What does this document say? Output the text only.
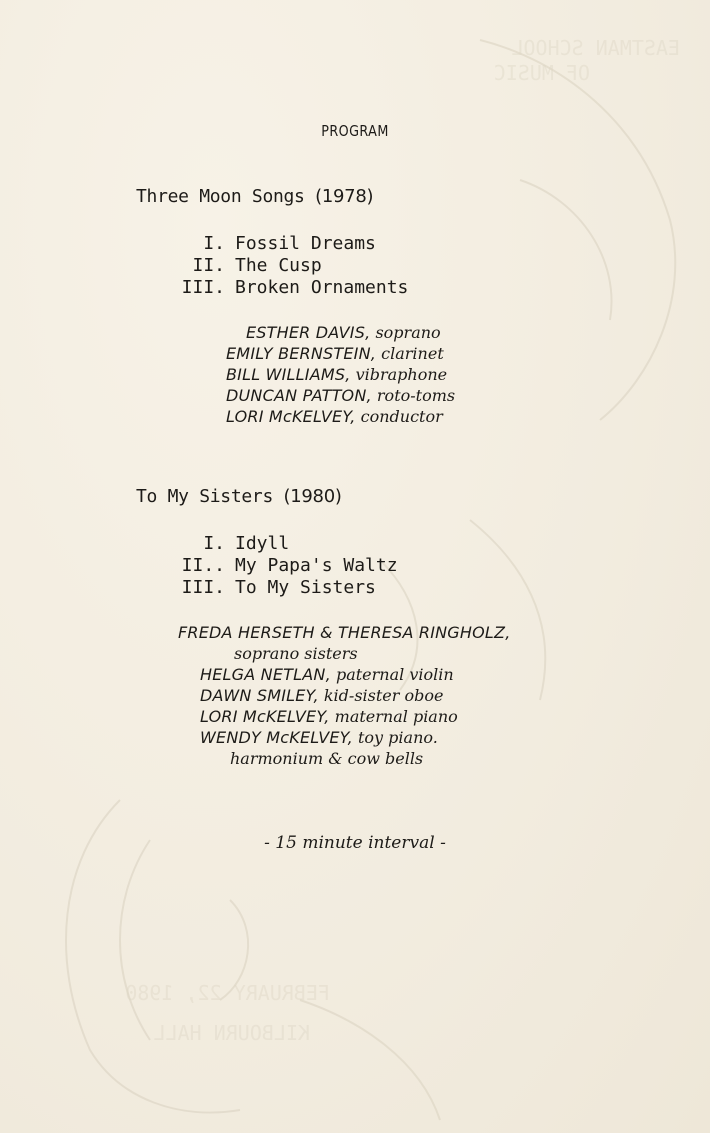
EASTMAN SCHOOL
OF MUSIC
FEBRUARY 22, 1980
KILBOURN HALL
PROGRAM
Three Moon Songs (1978)
I. Fossil Dreams
II. The Cusp
III. Broken Ornaments
ESTHER DAVIS, soprano
EMILY BERNSTEIN, clarinet
BILL WILLIAMS, vibraphone
DUNCAN PATTON, roto-toms
LORI McKELVEY, conductor
To My Sisters (1980)
I. Idyll
II.. My Papa's Waltz
III. To My Sisters
FREDA HERSETH & THERESA RINGHOLZ,
soprano sisters
HELGA NETLAN, paternal violin
DAWN SMILEY, kid-sister oboe
LORI McKELVEY, maternal piano
WENDY McKELVEY, toy piano.
harmonium & cow bells
- 15 minute interval -
